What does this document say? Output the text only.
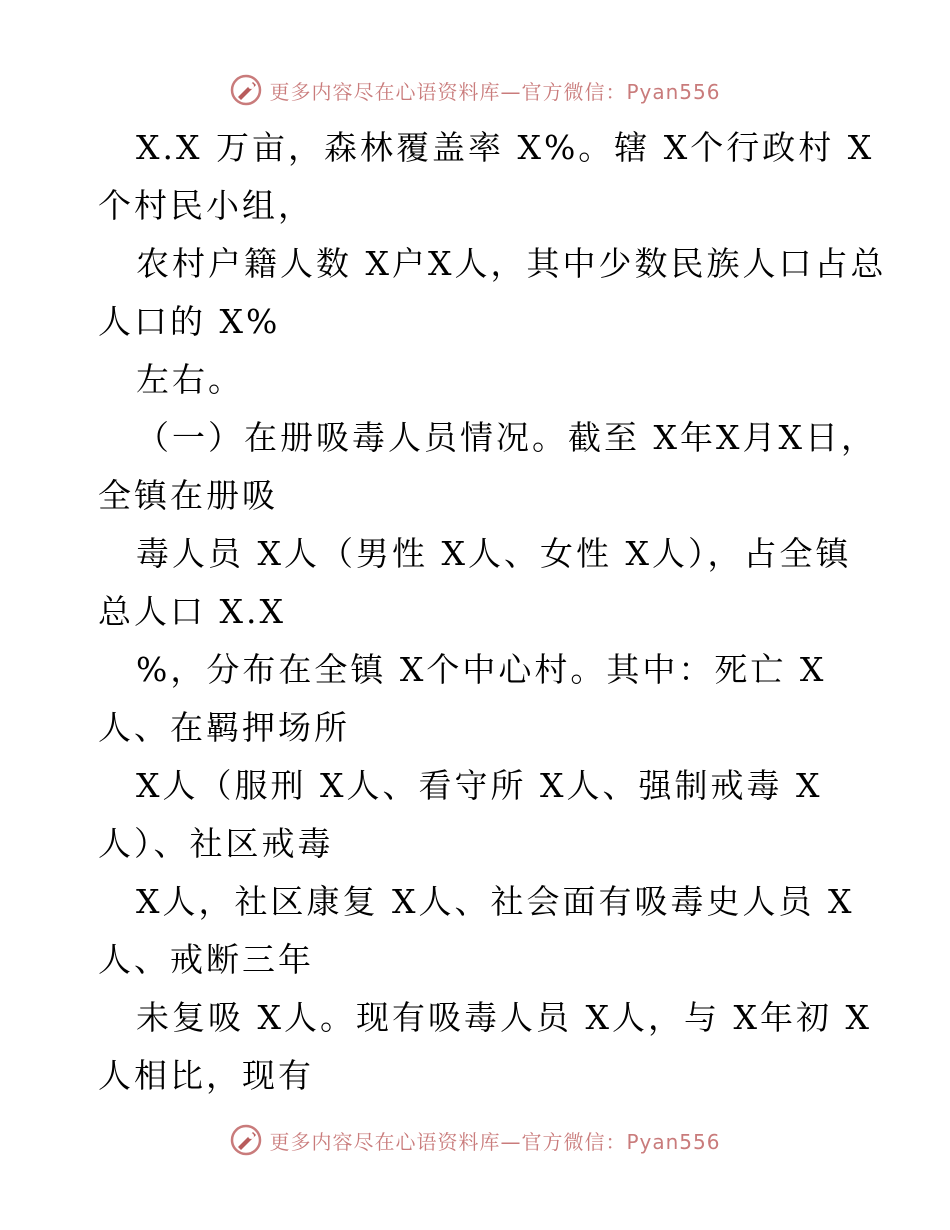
更多内容尽在心语资料库—官方微信：Pyan556
X.X 万亩，森林覆盖率 X%。辖 X个行政村 X
个村民小组，
农村户籍人数 X户X人，其中少数民族人口占总
人口的 X%
左右。
（一）在册吸毒人员情况。截至 X年X月X日，
全镇在册吸
毒人员 X人（男性 X人、女性 X人），占全镇
总人口 X.X
%，分布在全镇 X个中心村。其中：死亡 X
人、在羁押场所
X人（服刑 X人、看守所 X人、强制戒毒 X
人）、社区戒毒
X人，社区康复 X人、社会面有吸毒史人员 X
人、戒断三年
未复吸 X人。现有吸毒人员 X人，与 X年初 X
人相比，现有
更多内容尽在心语资料库—官方微信：Pyan556
